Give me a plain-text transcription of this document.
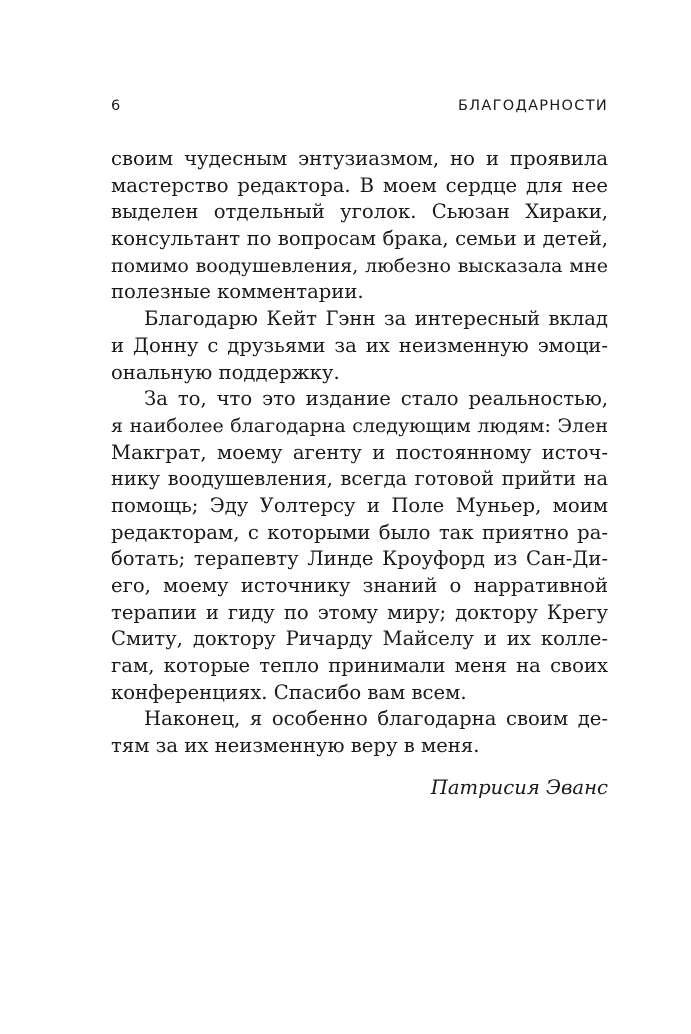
6	БЛАГОДАРНОСТИ
своим чудесным энтузиазмом, но и проявила
мастерство редактора. В моем сердце для нее
выделен отдельный уголок. Сьюзан Хираки,
консультант по вопросам брака, семьи и детей,
помимо воодушевления, любезно высказала мне
полезные комментарии.
Благодарю Кейт Гэнн за интересный вклад
и Донну с друзьями за их неизменную эмоци-
ональную поддержку.
За то, что это издание стало реальностью,
я наиболее благодарна следующим людям: Элен
Макграт, моему агенту и постоянному источ-
нику воодушевления, всегда готовой прийти на
помощь; Эду Уолтерсу и Поле Муньер, моим
редакторам, с которыми было так приятно ра-
ботать; терапевту Линде Кроуфорд из Сан-Ди-
его, моему источнику знаний о нарративной
терапии и гиду по этому миру; доктору Крегу
Смиту, доктору Ричарду Майселу и их колле-
гам, которые тепло принимали меня на своих
конференциях. Спасибо вам всем.
Наконец, я особенно благодарна своим де-
тям за их неизменную веру в меня.
Патрисия Эванс
